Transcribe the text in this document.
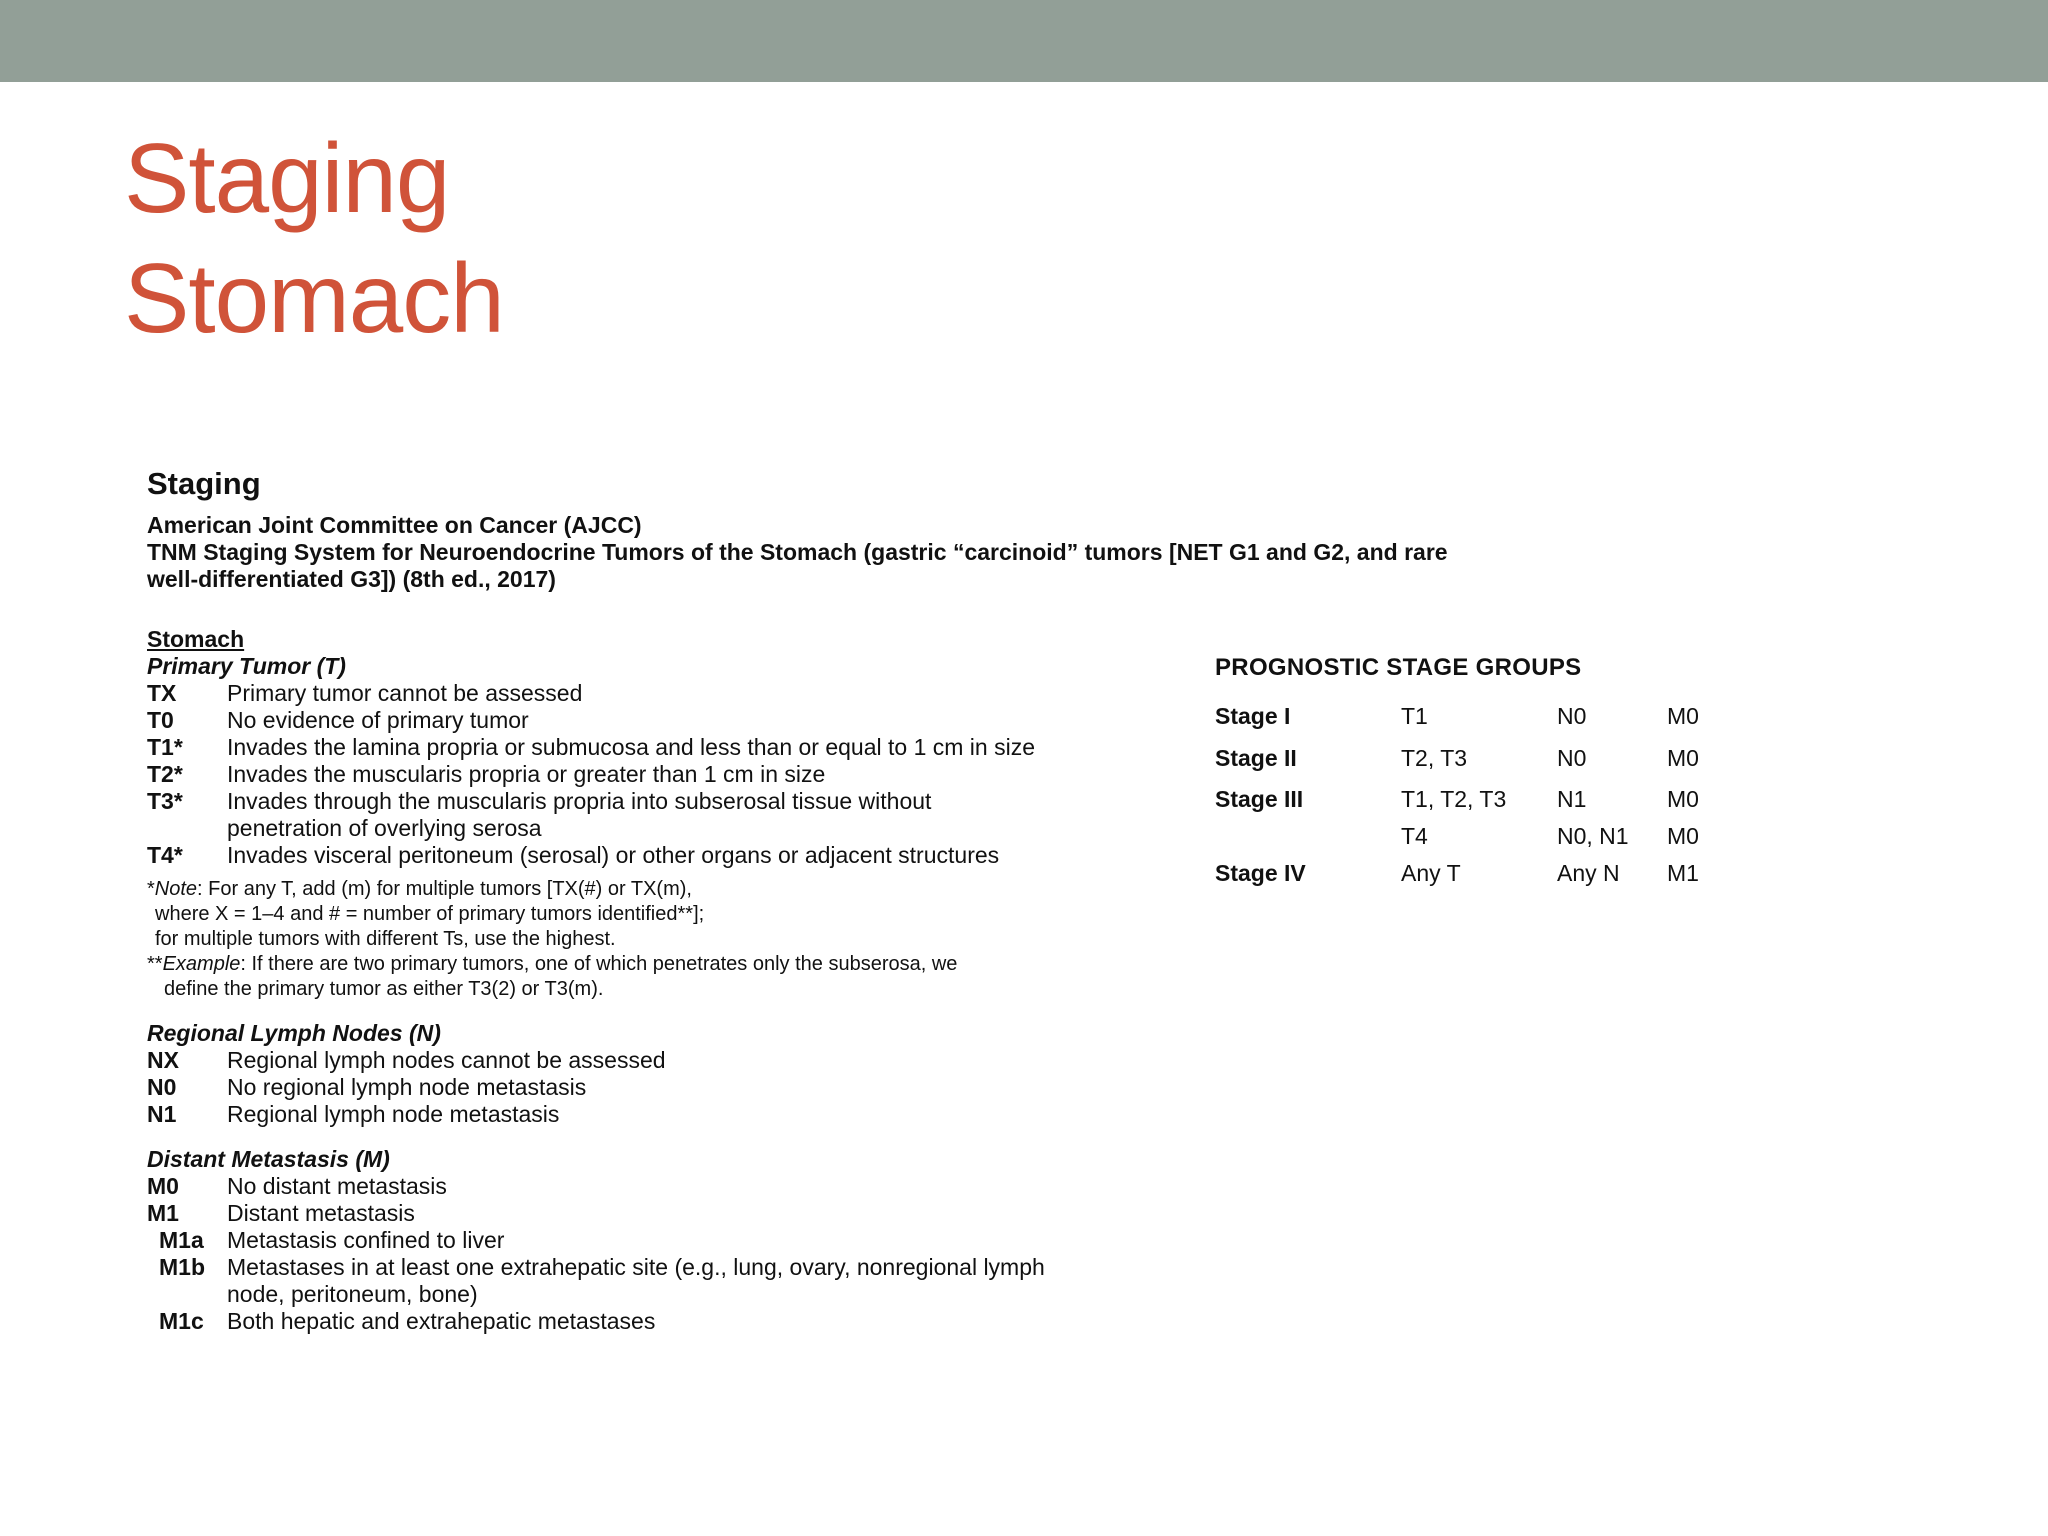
Staging
Stomach
Staging
American Joint Committee on Cancer (AJCC)
TNM Staging System for Neuroendocrine Tumors of the Stomach (gastric “carcinoid” tumors [NET G1 and G2, and rare
well-differentiated G3]) (8th ed., 2017)
Stomach
Primary Tumor (T)
TX	Primary tumor cannot be assessed
T0	No evidence of primary tumor
T1*	Invades the lamina propria or submucosa and less than or equal to 1 cm in size
T2*	Invades the muscularis propria or greater than 1 cm in size
T3*	Invades through the muscularis propria into subserosal tissue without penetration of overlying serosa
T4*	Invades visceral peritoneum (serosal) or other organs or adjacent structures
*Note: For any T, add (m) for multiple tumors [TX(#) or TX(m),
where X = 1–4 and # = number of primary tumors identified**];
for multiple tumors with different Ts, use the highest.
**Example: If there are two primary tumors, one of which penetrates only the subserosa, we
define the primary tumor as either T3(2) or T3(m).
Regional Lymph Nodes (N)
NX	Regional lymph nodes cannot be assessed
N0	No regional lymph node metastasis
N1	Regional lymph node metastasis
Distant Metastasis (M)
M0	No distant metastasis
M1	Distant metastasis
M1a	Metastasis confined to liver
M1b Metastases in at least one extrahepatic site (e.g., lung, ovary, nonregional lymph node, peritoneum, bone)
M1c	Both hepatic and extrahepatic metastases
PROGNOSTIC STAGE GROUPS
Stage I	T1	N0	M0
Stage II	T2, T3	N0	M0
Stage III	T1, T2, T3	N1	M0
	T4	N0, N1	M0
Stage IV	Any T	Any N	M1
